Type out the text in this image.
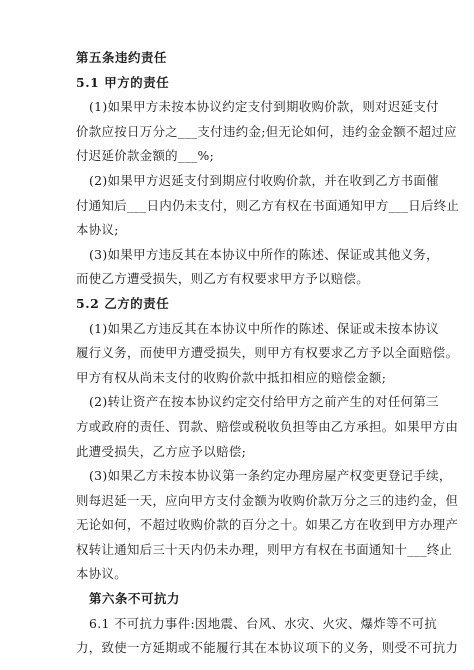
第五条违约责任
5.1 甲方的责任
(1)如果甲方未按本协议约定支付到期收购价款，则对迟延支付
价款应按日万分之___支付违约金;但无论如何，违约金金额不超过应
付迟延价款金额的___%;
(2)如果甲方迟延支付到期应付收购价款，并在收到乙方书面催
付通知后___日内仍未支付，则乙方有权在书面通知甲方___日后终止
本协议;
(3)如果甲方违反其在本协议中所作的陈述、保证或其他义务，
而使乙方遭受损失，则乙方有权要求甲方予以赔偿。
5.2 乙方的责任
(1)如果乙方违反其在本协议中所作的陈述、保证或未按本协议
履行义务，而使甲方遭受损失，则甲方有权要求乙方予以全面赔偿。
甲方有权从尚未支付的收购价款中抵扣相应的赔偿金额;
(2)转让资产在按本协议约定交付给甲方之前产生的对任何第三
方或政府的责任、罚款、赔偿或税收负担等由乙方承担。如果甲方由
此遭受损失，乙方应予以赔偿;
(3)如果乙方未按本协议第一条约定办理房屋产权变更登记手续，
则每迟延一天，应向甲方支付金额为收购价款万分之三的违约金，但
无论如何，不超过收购价款的百分之十。如果乙方在收到甲方办理产
权转让通知后三十天内仍未办理，则甲方有权在书面通知十___终止
本协议。
第六条不可抗力
6.1 不可抗力事件:因地震、台风、水灾、火灾、爆炸等不可抗
力，致使一方延期或不能履行其在本协议项下的义务，则受不可抗力
